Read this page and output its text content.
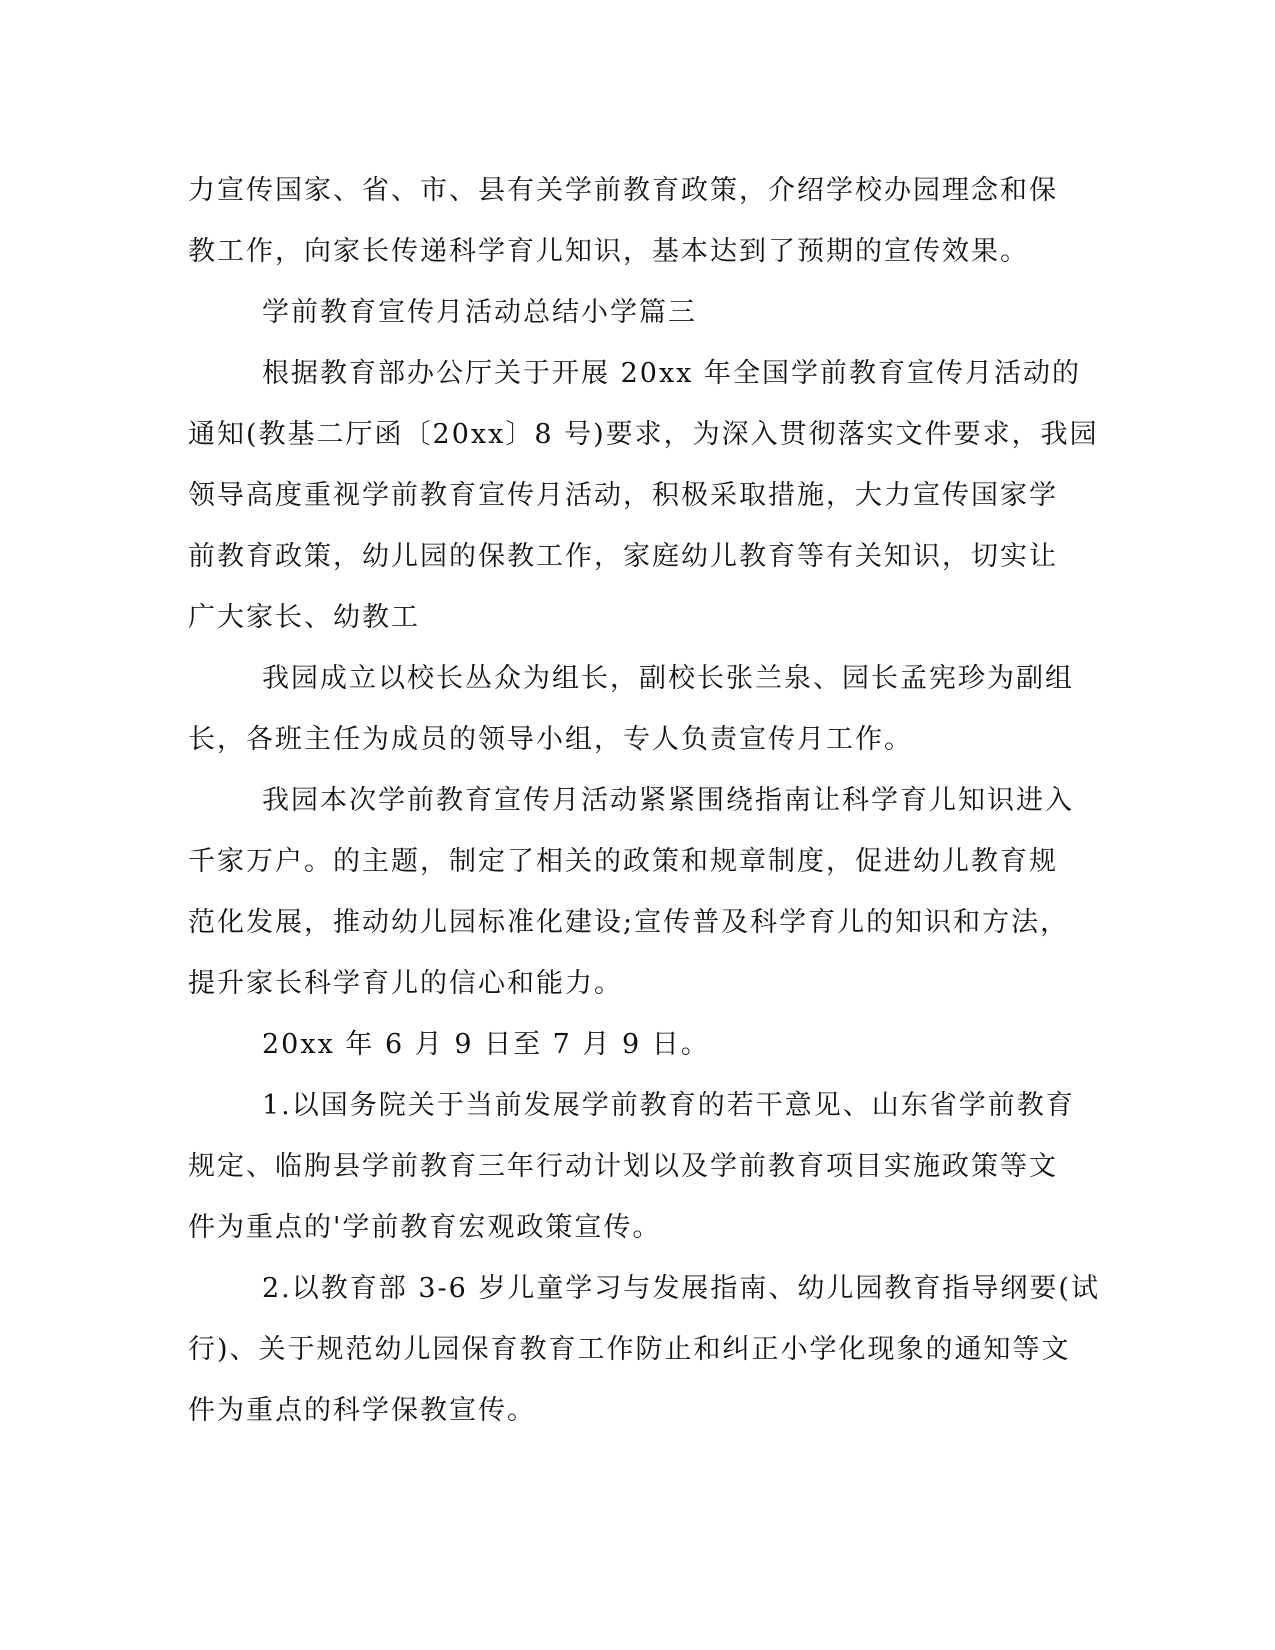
力宣传国家、省、市、县有关学前教育政策，介绍学校办园理念和保
教工作，向家长传递科学育儿知识，基本达到了预期的宣传效果。
学前教育宣传月活动总结小学篇三
根据教育部办公厅关于开展 20xx 年全国学前教育宣传月活动的
通知(教基二厅函〔20xx〕8 号)要求，为深入贯彻落实文件要求，我园
领导高度重视学前教育宣传月活动，积极采取措施，大力宣传国家学
前教育政策，幼儿园的保教工作，家庭幼儿教育等有关知识，切实让
广大家长、幼教工
我园成立以校长丛众为组长，副校长张兰泉、园长孟宪珍为副组
长，各班主任为成员的领导小组，专人负责宣传月工作。
我园本次学前教育宣传月活动紧紧围绕指南让科学育儿知识进入
千家万户。的主题，制定了相关的政策和规章制度，促进幼儿教育规
范化发展，推动幼儿园标准化建设;宣传普及科学育儿的知识和方法，
提升家长科学育儿的信心和能力。
20xx 年 6 月 9 日至 7 月 9 日。
1.以国务院关于当前发展学前教育的若干意见、山东省学前教育
规定、临朐县学前教育三年行动计划以及学前教育项目实施政策等文
件为重点的'学前教育宏观政策宣传。
2.以教育部 3-6 岁儿童学习与发展指南、幼儿园教育指导纲要(试
行)、关于规范幼儿园保育教育工作防止和纠正小学化现象的通知等文
件为重点的科学保教宣传。
